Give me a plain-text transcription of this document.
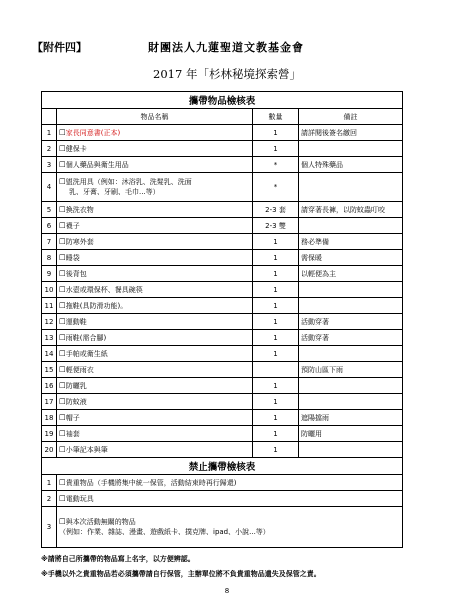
【附件四】	財團法人九蓮聖道文教基金會
2017 年「杉林秘境探索營」
攜帶物品檢核表			
	物品名稱	數量	備註
1	☐家長同意書(正本)	1	請詳閱後簽名繳回
2	☐健保卡	1	
3	☐個人藥品與衛生用品	*	個人特殊藥品
4	☐盥洗用具（例如：沐浴乳、洗髮乳、洗面
乳、牙膏、牙刷、毛巾...等）	*	
5	☐換洗衣物	2-3 套	請穿著長褲，以防蚊蟲叮咬
6	☐襪子	2-3 雙	
7	☐防寒外套	1	務必準備
8	☐睡袋	1	需保暖
9	☐後背包	1	以輕便為主
10	☐水壺或環保杯、餐具碗筷	1	
11	☐拖鞋(具防滑功能)。	1	
12	☐運動鞋	1	活動穿著
13	☐雨鞋(需合腳)	1	活動穿著
14	☐手帕或衛生紙	1	
15	☐輕便雨衣		預防山區下雨
16	☐防曬乳	1	
17	☐防蚊液	1	
18	☐帽子	1	遮陽擋雨
19	☐袖套	1	防曬用
20	☐小筆記本與筆	1	
禁止攜帶檢核表			
1	☐貴重物品（手機將集中統一保管，活動結束時再行歸還)		
2	☐電動玩具		
3	☐與本次活動無關的物品
（例如：作業、雜誌、漫畫、遊戲紙卡、撲克牌、ipad、小說...等）		
※請將自己所攜帶的物品寫上名字，以方便辨認。
※手機以外之貴重物品若必須攜帶請自行保管，主辦單位將不負貴重物品遺失及保管之責。
8
